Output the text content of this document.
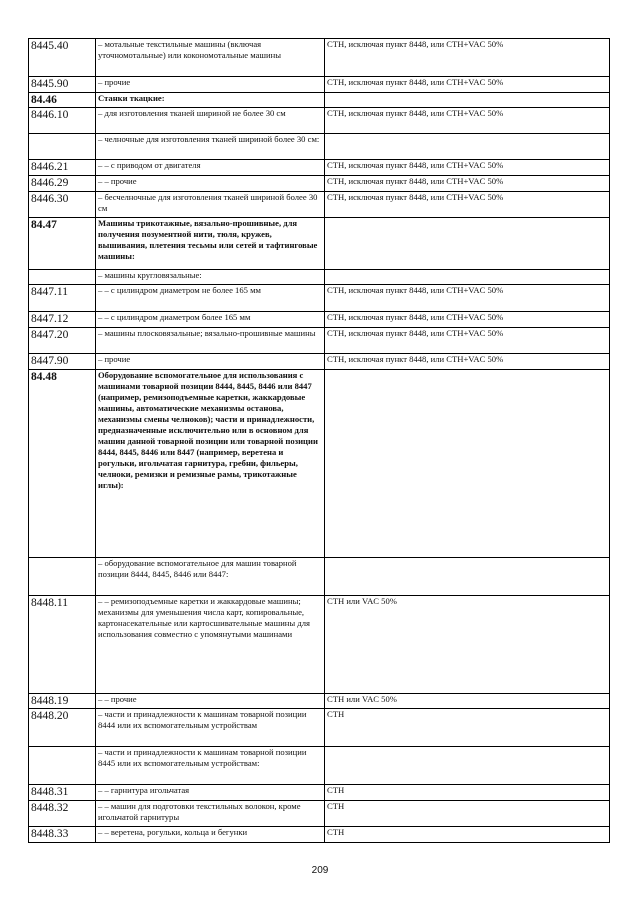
8445.40	– мотальные текстильные машины (включая уточномотальные) или кокономотальные машины	СТН, исключая пункт 8448, или СТН+VAC 50%
8445.90	– прочие	СТН, исключая пункт 8448, или СТН+VAC 50%
84.46	Станки ткацкие:	
8446.10	– для изготовления тканей шириной не более 30 см	СТН, исключая пункт 8448, или СТН+VAC 50%
	– челночные для изготовления тканей шириной более 30 см:	
8446.21	– – с приводом от двигателя	СТН, исключая пункт 8448, или СТН+VAC 50%
8446.29	– – прочие	СТН, исключая пункт 8448, или СТН+VAC 50%
8446.30	– бесчелночные для изготовления тканей шириной более 30 см	СТН, исключая пункт 8448, или СТН+VAC 50%
84.47	Машины трикотажные, вязально-прошивные, для получения позументной нити, тюля, кружев, вышивания, плетения тесьмы или сетей и тафтинговые машины:	
	– машины кругловязальные:	
8447.11	– – с цилиндром диаметром не более 165 мм	СТН, исключая пункт 8448, или СТН+VAC 50%
8447.12	– – с цилиндром диаметром более 165 мм	СТН, исключая пункт 8448, или СТН+VAC 50%
8447.20	– машины плосковязальные; вязально-прошивные машины	СТН, исключая пункт 8448, или СТН+VAC 50%
8447.90	– прочие	СТН, исключая пункт 8448, или СТН+VAC 50%
84.48	Оборудование вспомогательное для использования с машинами товарной позиции 8444, 8445, 8446 или 8447 (например, ремизоподъемные каретки, жаккардовые машины, автоматические механизмы останова, механизмы смены челноков); части и принадлежности, предназначенные исключительно или в основном для машин данной товарной позиции или товарной позиции 8444, 8445, 8446 или 8447 (например, веретена и рогульки, игольчатая гарнитура, гребни, фильеры, челноки, ремизки и ремизные рамы, трикотажные иглы):	
	– оборудование вспомогательное для машин товарной позиции 8444, 8445, 8446 или 8447:	
8448.11	– – ремизоподъемные каретки и жаккардовые машины; механизмы для уменьшения числа карт, копировальные, картонасекательные или картосшивательные машины для использования совместно с упомянутыми машинами	СТН или VAC 50%
8448.19	– – прочие	СТН или VAC 50%
8448.20	– части и принадлежности к машинам товарной позиции 8444 или их вспомогательным устройствам	СТН
	– части и принадлежности к машинам товарной позиции 8445 или их вспомогательным устройствам:	
8448.31	– – гарнитура игольчатая	СТН
8448.32	– – машин для подготовки текстильных волокон, кроме игольчатой гарнитуры	СТН
8448.33	– – веретена, рогульки, кольца и бегунки	СТН
209
